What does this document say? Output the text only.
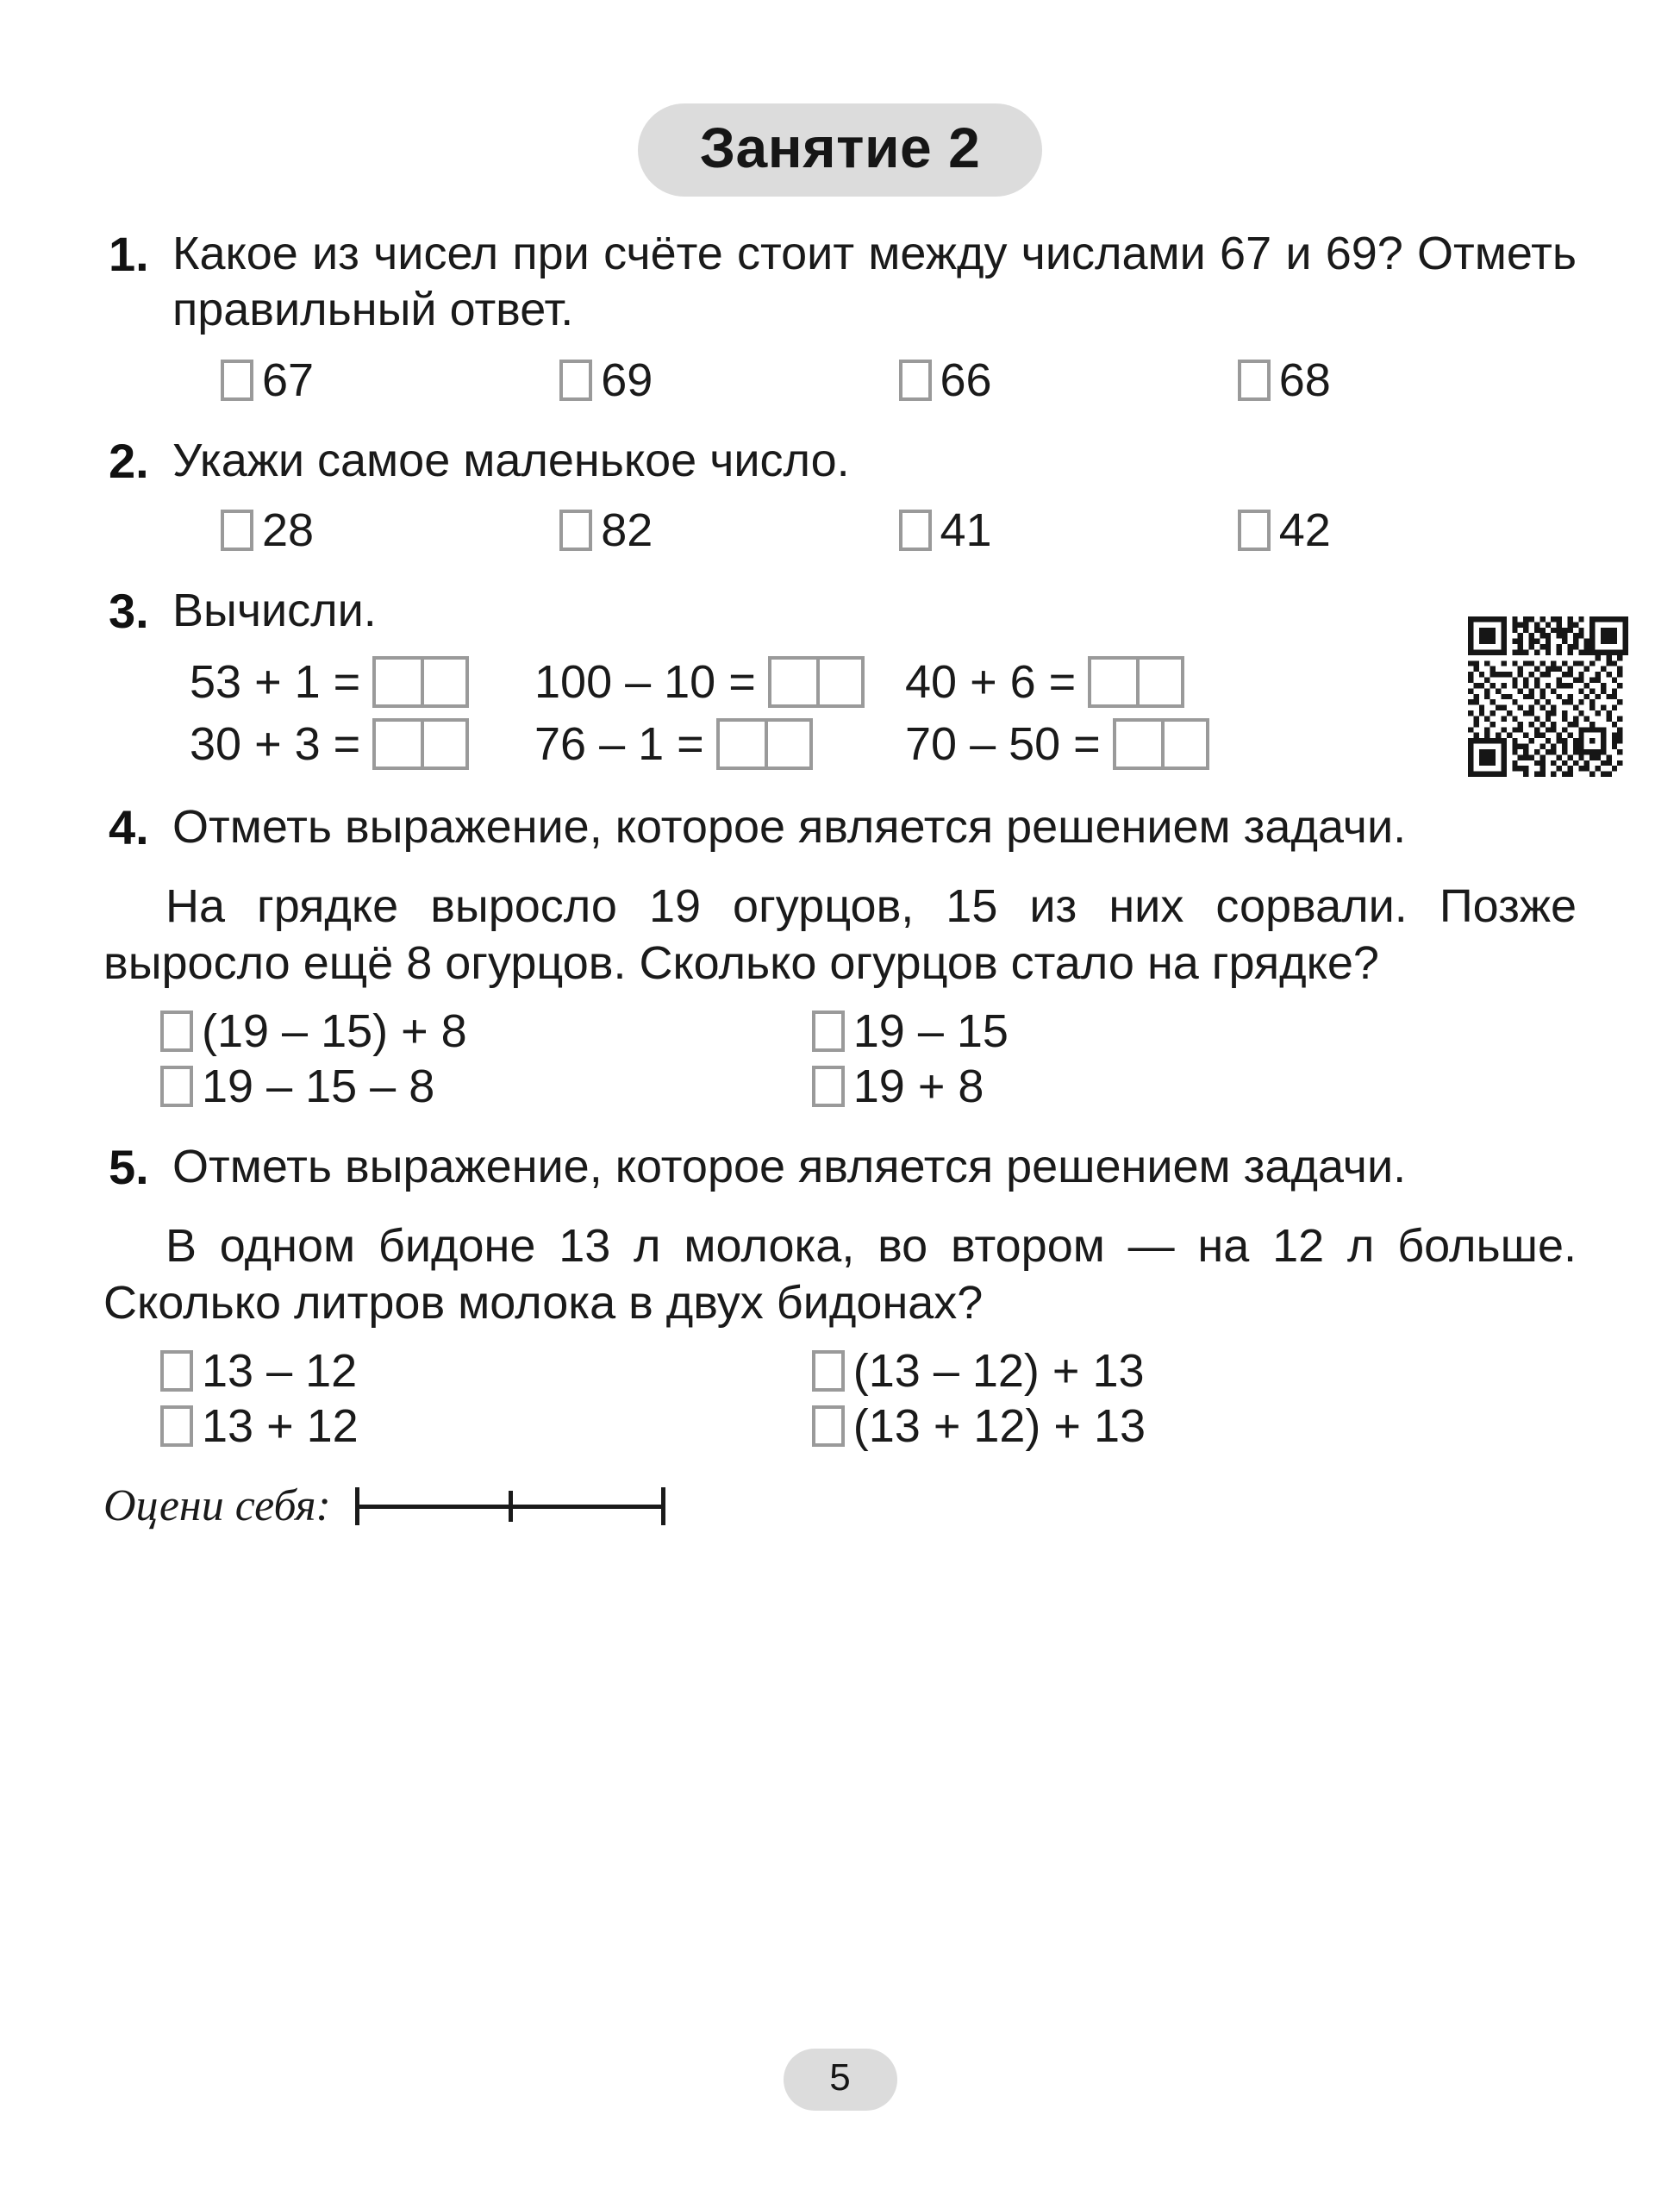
Занятие 2
1. Какое из чисел при счёте стоит между числами 67 и 69? Отметь правильный ответ.
67	69	66	68
2. Укажи самое маленькое число.
28	82	41	42
3. Вычисли.
53 + 1 =	100 – 10 =	40 + 6 =
30 + 3 =	76 – 1 =	70 – 50 =
4. Отметь выражение, которое является решением задачи.
На грядке выросло 19 огурцов, 15 из них сорвали. Позже выросло ещё 8 огурцов. Сколько огурцов стало на грядке?
(19 – 15) + 8	19 – 15
19 – 15 – 8	19 + 8
5. Отметь выражение, которое является решением задачи.
В одном бидоне 13 л молока, во втором — на 12 л больше. Сколько литров молока в двух бидонах?
13 – 12	(13 – 12) + 13
13 + 12	(13 + 12) + 13
Оцени себя:
5
